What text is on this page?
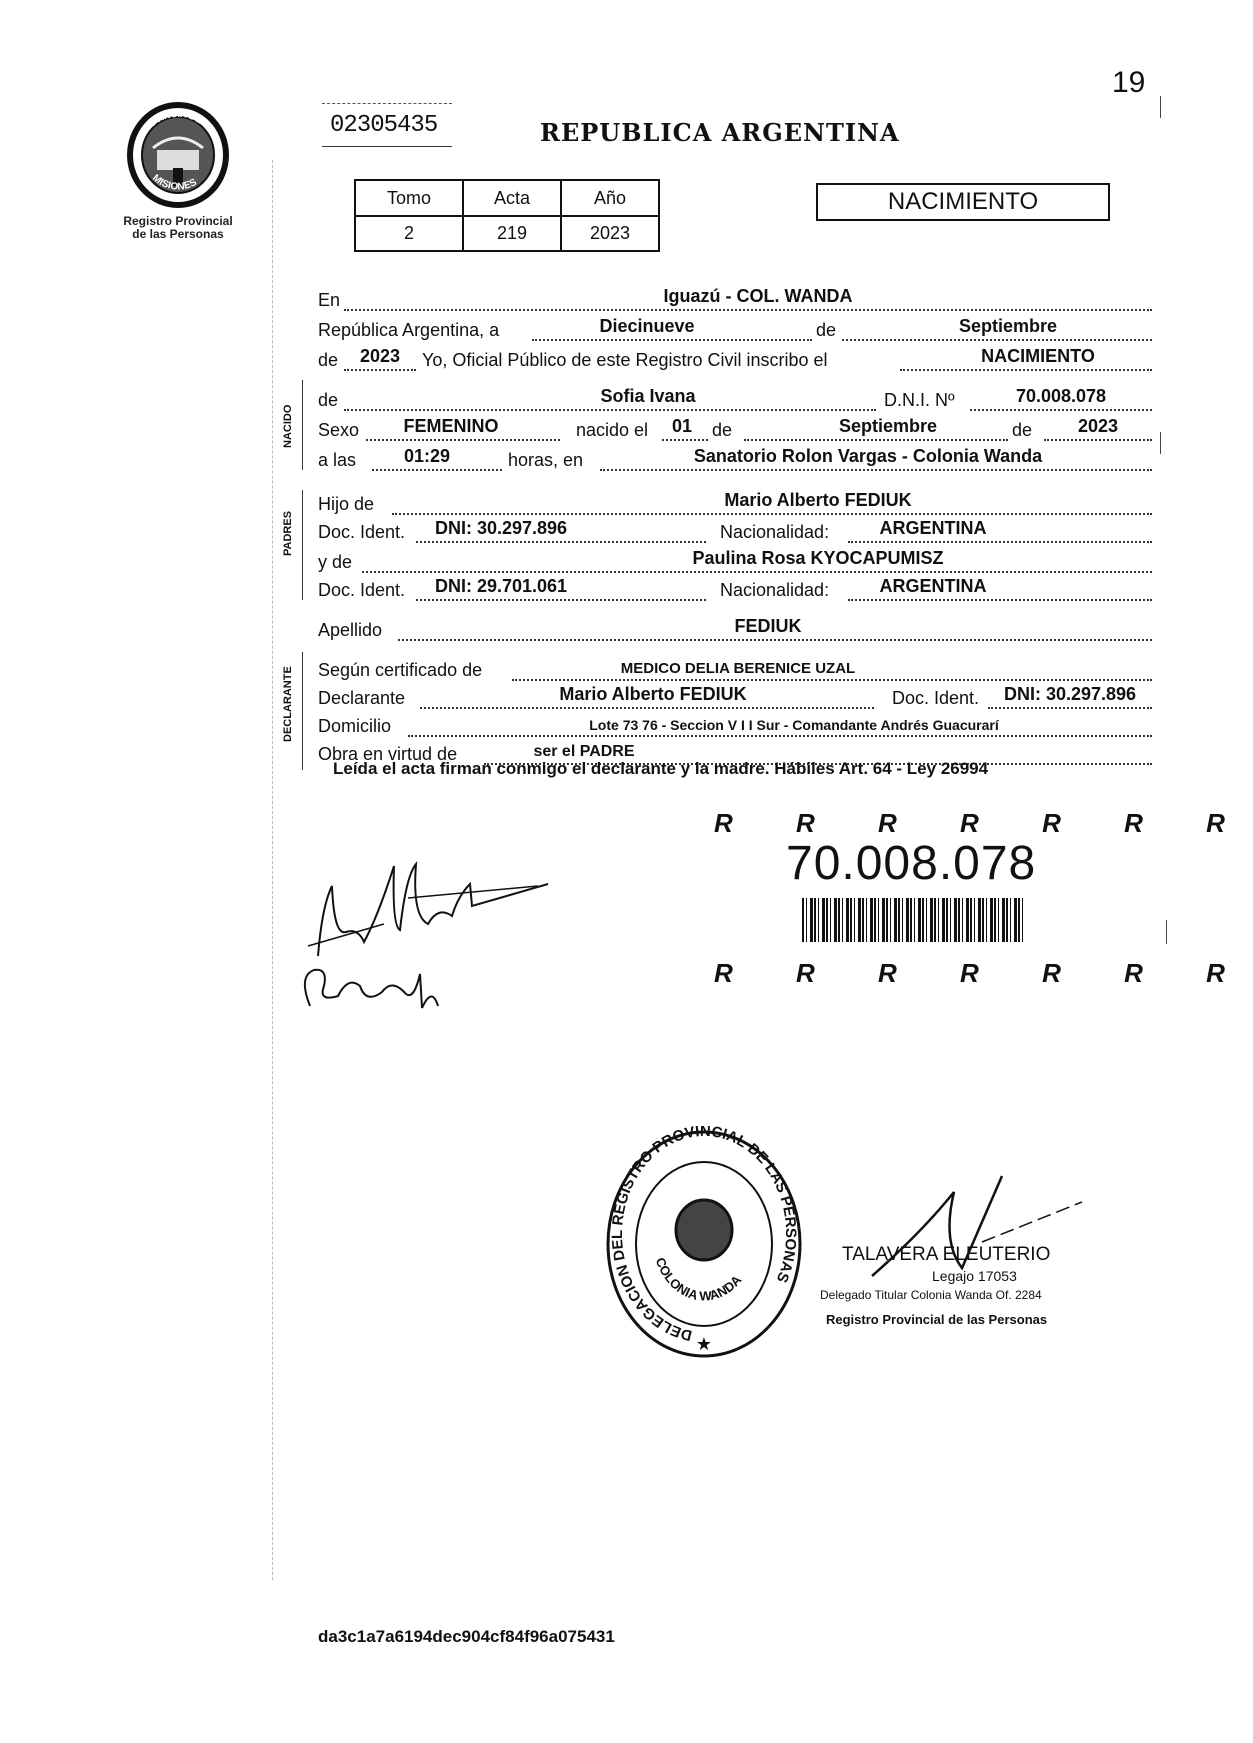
19
PROVINCIA DE
MISIONES
Registro Provincial
de las Personas
02305435	REPUBLICA ARGENTINA
Tomo	Acta	Año
2	219	2023
NACIMIENTO
En	Iguazú - COL. WANDA
República Argentina, a	Diecinueve	de	Septiembre
de	2023	Yo, Oficial Público de este Registro Civil inscribo el	NACIMIENTO
de	Sofia Ivana	D.N.I. Nº	70.008.078
Sexo	FEMENINO	nacido el	01	de	Septiembre	de	2023
a las	01:29	horas, en	Sanatorio Rolon Vargas - Colonia Wanda
Hijo de	Mario Alberto FEDIUK
Doc. Ident.	DNI: 30.297.896	Nacionalidad:	ARGENTINA
y de	Paulina Rosa KYOCAPUMISZ
Doc. Ident.	DNI: 29.701.061	Nacionalidad:	ARGENTINA
Apellido	FEDIUK
Según certificado de	MEDICO DELIA BERENICE UZAL
Declarante	Mario Alberto FEDIUK	Doc. Ident.	DNI: 30.297.896
Domicilio	Lote 73 76 - Seccion V I I Sur - Comandante Andrés Guacurarí
Obra en virtud de	ser el PADRE
NACIDO
PADRES
DECLARANTE
Leída el acta firman conmigo el declarante y la madre. Hábiles Art. 64 - Ley 26994
R R R R R R R
70.008.078
R R R R R R R
DELEGACION DEL REGISTRO PROVINCIAL DE LAS PERSONAS
COLONIA WANDA
★
TALAVERA ELEUTERIO
Legajo 17053
Delegado Titular Colonia Wanda Of. 2284
Registro Provincial de las Personas
da3c1a7a6194dec904cf84f96a075431
